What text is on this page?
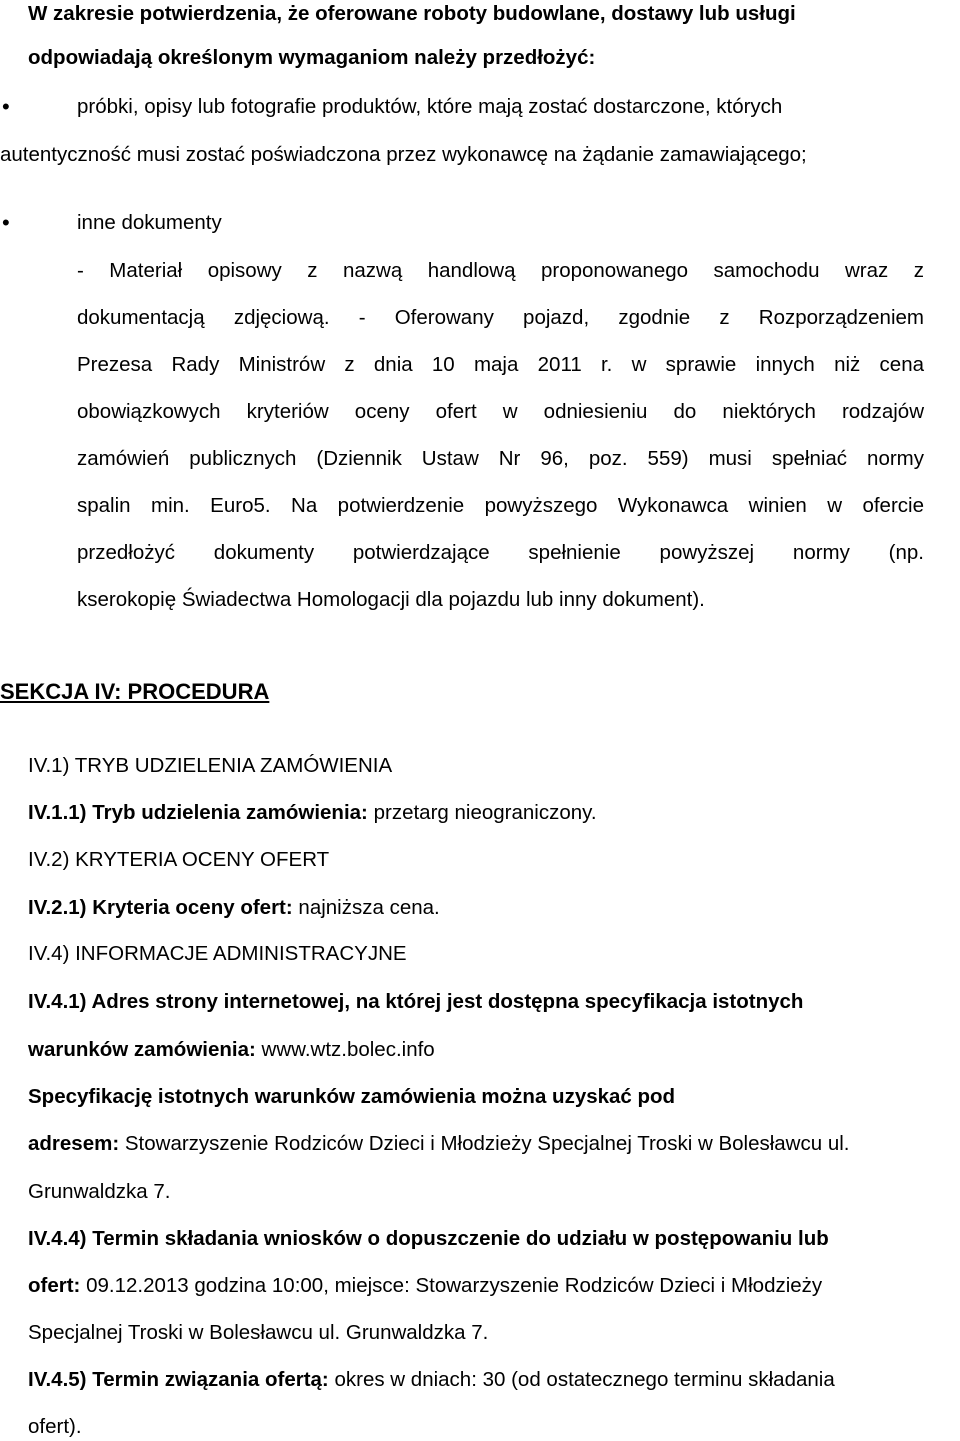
W zakresie potwierdzenia, że oferowane roboty budowlane, dostawy lub usługi
odpowiadają określonym wymaganiom należy przedłożyć:
•	próbki, opisy lub fotografie produktów, które mają zostać dostarczone, których
autentyczność musi zostać poświadczona przez wykonawcę na żądanie zamawiającego;
•	inne dokumenty
- Materiał opisowy z nazwą handlową proponowanego samochodu wraz z
dokumentacją zdjęciową. - Oferowany pojazd, zgodnie z Rozporządzeniem
Prezesa Rady Ministrów z dnia 10 maja 2011 r. w sprawie innych niż cena
obowiązkowych kryteriów oceny ofert w odniesieniu do niektórych rodzajów
zamówień publicznych (Dziennik Ustaw Nr 96, poz. 559) musi spełniać normy
spalin min. Euro5. Na potwierdzenie powyższego Wykonawca winien w ofercie
przedłożyć dokumenty potwierdzające spełnienie powyższej normy (np.
kserokopię Świadectwa Homologacji dla pojazdu lub inny dokument).
SEKCJA IV: PROCEDURA
IV.1) TRYB UDZIELENIA ZAMÓWIENIA
IV.1.1) Tryb udzielenia zamówienia: przetarg nieograniczony.
IV.2) KRYTERIA OCENY OFERT
IV.2.1) Kryteria oceny ofert: najniższa cena.
IV.4) INFORMACJE ADMINISTRACYJNE
IV.4.1) Adres strony internetowej, na której jest dostępna specyfikacja istotnych
warunków zamówienia: www.wtz.bolec.info
Specyfikację istotnych warunków zamówienia można uzyskać pod
adresem: Stowarzyszenie Rodziców Dzieci i Młodzieży Specjalnej Troski w Bolesławcu ul.
Grunwaldzka 7.
IV.4.4) Termin składania wniosków o dopuszczenie do udziału w postępowaniu lub
ofert: 09.12.2013 godzina 10:00, miejsce: Stowarzyszenie Rodziców Dzieci i Młodzieży
Specjalnej Troski w Bolesławcu ul. Grunwaldzka 7.
IV.4.5) Termin związania ofertą: okres w dniach: 30 (od ostatecznego terminu składania
ofert).
